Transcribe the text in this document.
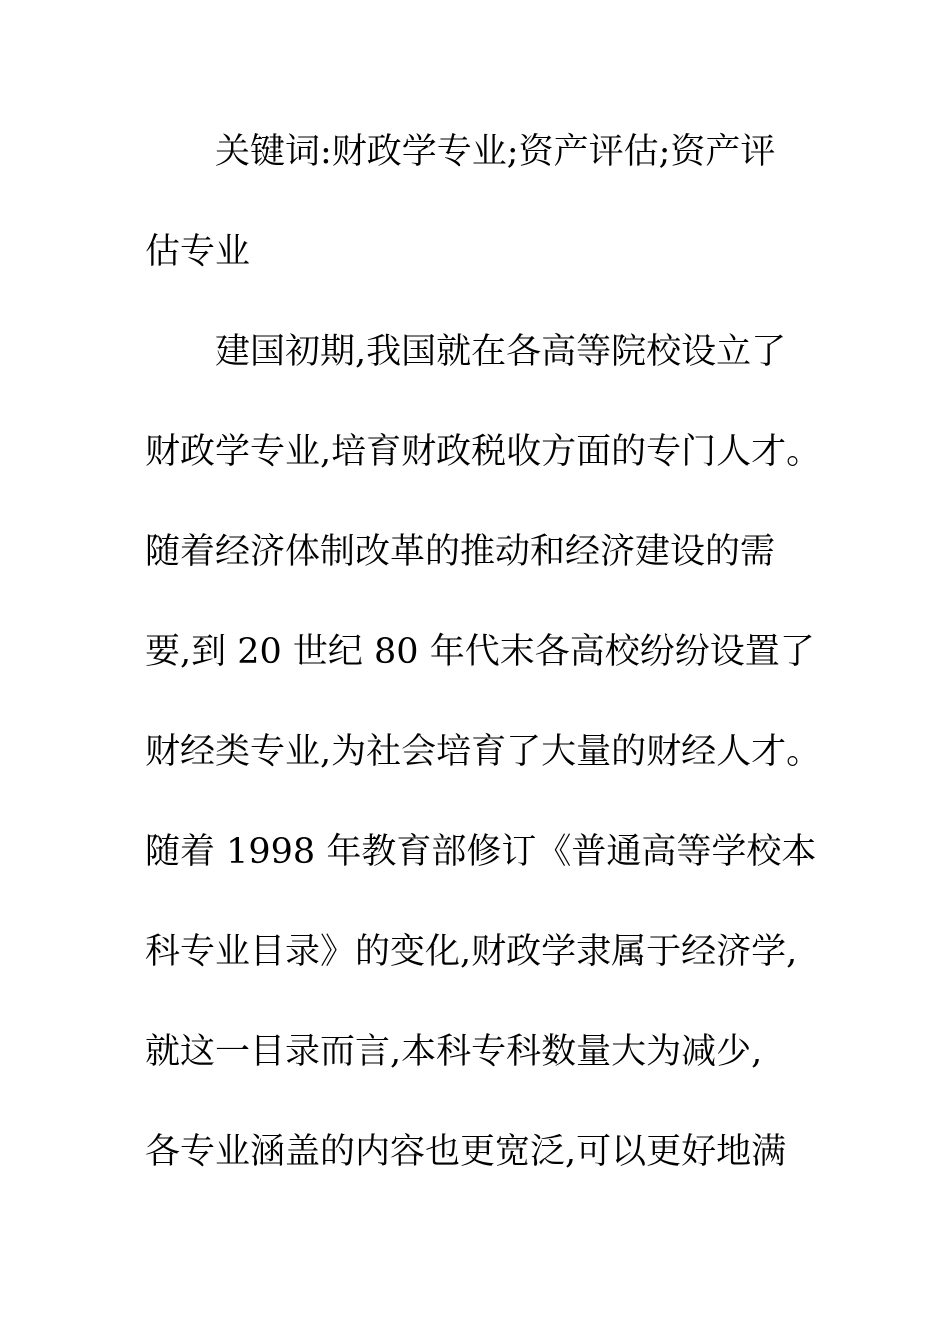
关键词:财政学专业;资产评估;资产评
估专业
建国初期,我国就在各高等院校设立了
财政学专业,培育财政税收方面的专门人才。
随着经济体制改革的推动和经济建设的需
要,到 20 世纪 80 年代末各高校纷纷设置了
财经类专业,为社会培育了大量的财经人才。
随着 1998 年教育部修订《普通高等学校本
科专业目录》的变化,财政学隶属于经济学,
就这一目录而言,本科专科数量大为减少,
各专业涵盖的内容也更宽泛,可以更好地满
